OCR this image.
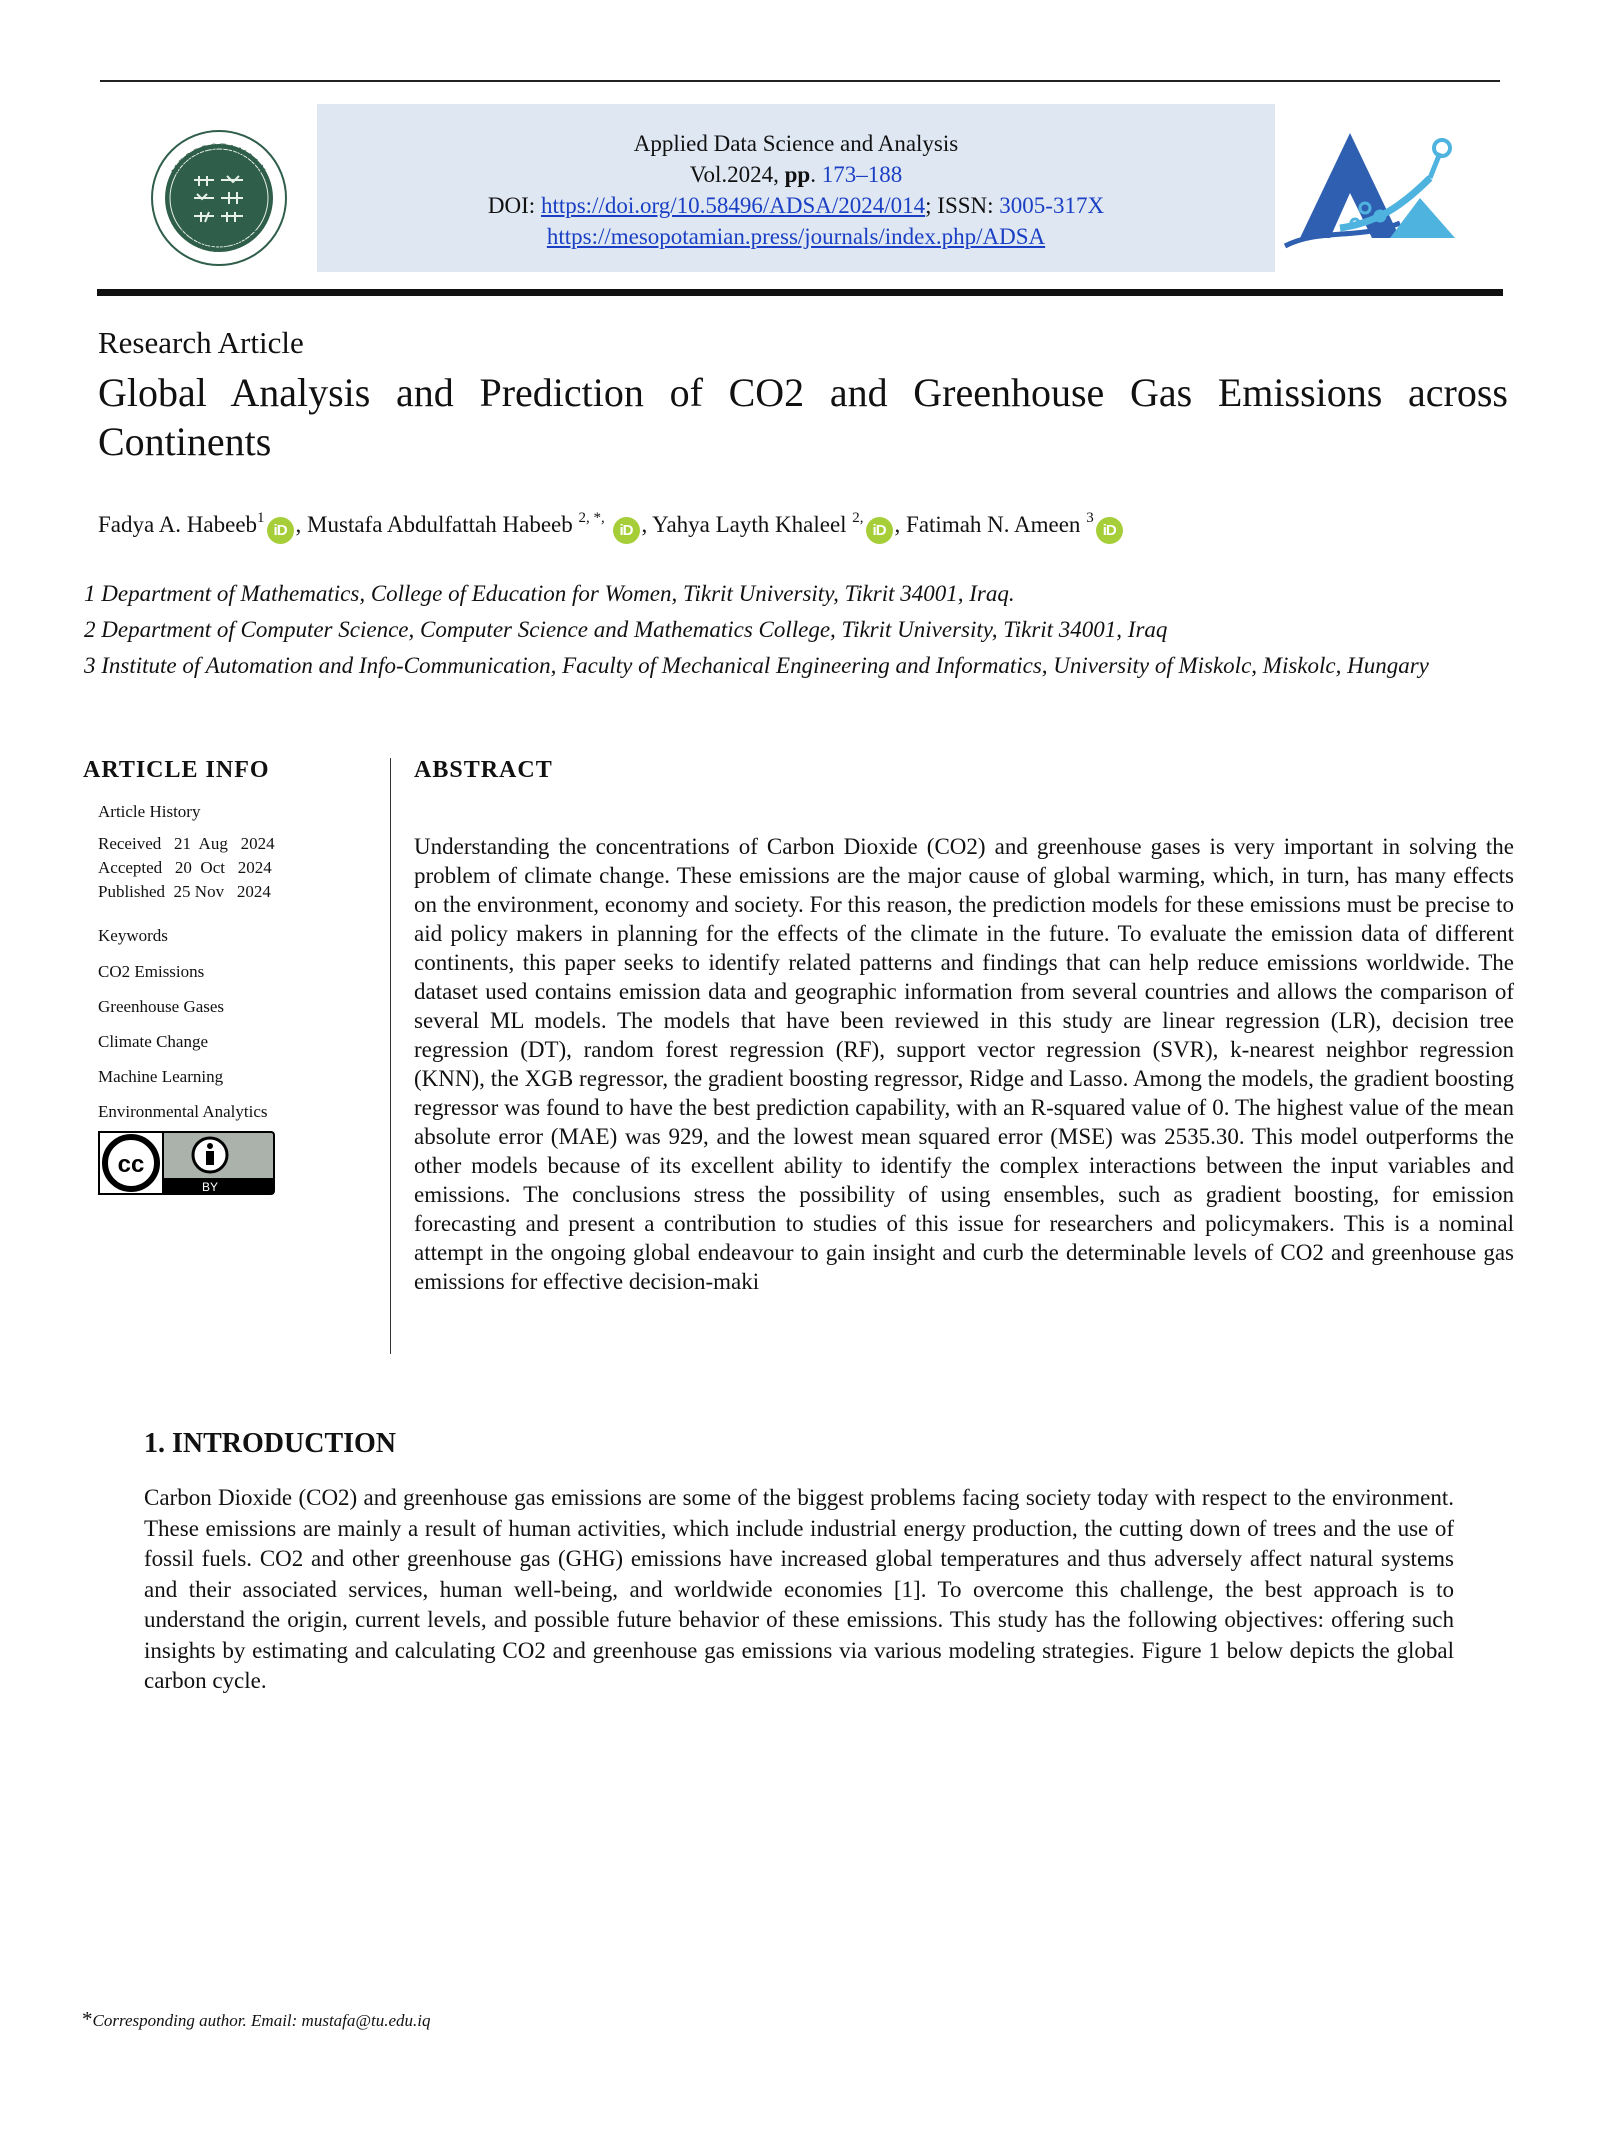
MESOPOTAMIAN
ACADEMIC PRESS
Applied Data Science and Analysis
Vol.2024, pp. 173–188
DOI: https://doi.org/10.58496/ADSA/2024/014; ISSN: 3005-317X
https://mesopotamian.press/journals/index.php/ADSA
Research Article
Global Analysis and Prediction of CO2 and Greenhouse Gas Emissions across Continents
Fadya A. Habeeb$^1$iD , Mustafa Abdulfattah Habeeb $^{2, *,}$ iD , Yahya Layth Khaleel $^{2,}$iD , Fatimah N. Ameen $^3$iD

1 Department of Mathematics, College of Education for Women, Tikrit University, Tikrit 34001, Iraq.

2 Department of Computer Science, Computer Science and Mathematics College, Tikrit University, Tikrit 34001, Iraq

3 Institute of Automation and Info-Communication, Faculty of Mechanical Engineering and Informatics, University of Miskolc, Miskolc, Hungary

ARTICLE INFO
Article History
Received   21  Aug   2024
Accepted   20  Oct   2024
Published  25 Nov   2024
Keywords
CO2 Emissions
Greenhouse Gases
Climate Change
Machine Learning
Environmental Analytics
cc
BY
ABSTRACT
Understanding the concentrations of Carbon Dioxide (CO2) and greenhouse gases is very important in solving the problem of climate change. These emissions are the major cause of global warming, which, in turn, has many effects on the environment, economy and society. For this reason, the prediction models for these emissions must be precise to aid policy makers in planning for the effects of the climate in the future. To evaluate the emission data of different continents, this paper seeks to identify related patterns and findings that can help reduce emissions worldwide. The dataset used contains emission data and geographic information from several countries and allows the comparison of several ML models. The models that have been reviewed in this study are linear regression (LR), decision tree regression (DT), random forest regression (RF), support vector regression (SVR), k-nearest neighbor regression (KNN), the XGB regressor, the gradient boosting regressor, Ridge and Lasso. Among the models, the gradient boosting regressor was found to have the best prediction capability, with an R-squared value of 0. The highest value of the mean absolute error (MAE) was 929, and the lowest mean squared error (MSE) was 2535.30. This model outperforms the other models because of its excellent ability to identify the complex interactions between the input variables and emissions. The conclusions stress the possibility of using ensembles, such as gradient boosting, for emission forecasting and present a contribution to studies of this issue for researchers and policymakers. This is a nominal attempt in the ongoing global endeavour to gain insight and curb the determinable levels of CO2 and greenhouse gas emissions for effective decision-maki
1. INTRODUCTION
Carbon Dioxide (CO2) and greenhouse gas emissions are some of the biggest problems facing society today with respect to the environment. These emissions are mainly a result of human activities, which include industrial energy production, the cutting down of trees and the use of fossil fuels. CO2 and other greenhouse gas (GHG) emissions have increased global temperatures and thus adversely affect natural systems and their associated services, human well-being, and worldwide economies [1]. To overcome this challenge, the best approach is to understand the origin, current levels, and possible future behavior of these emissions. This study has the following objectives: offering such insights by estimating and calculating CO2 and greenhouse gas emissions via various modeling strategies. Figure 1 below depicts the global carbon cycle.
*Corresponding author. Email: mustafa@tu.edu.iq
